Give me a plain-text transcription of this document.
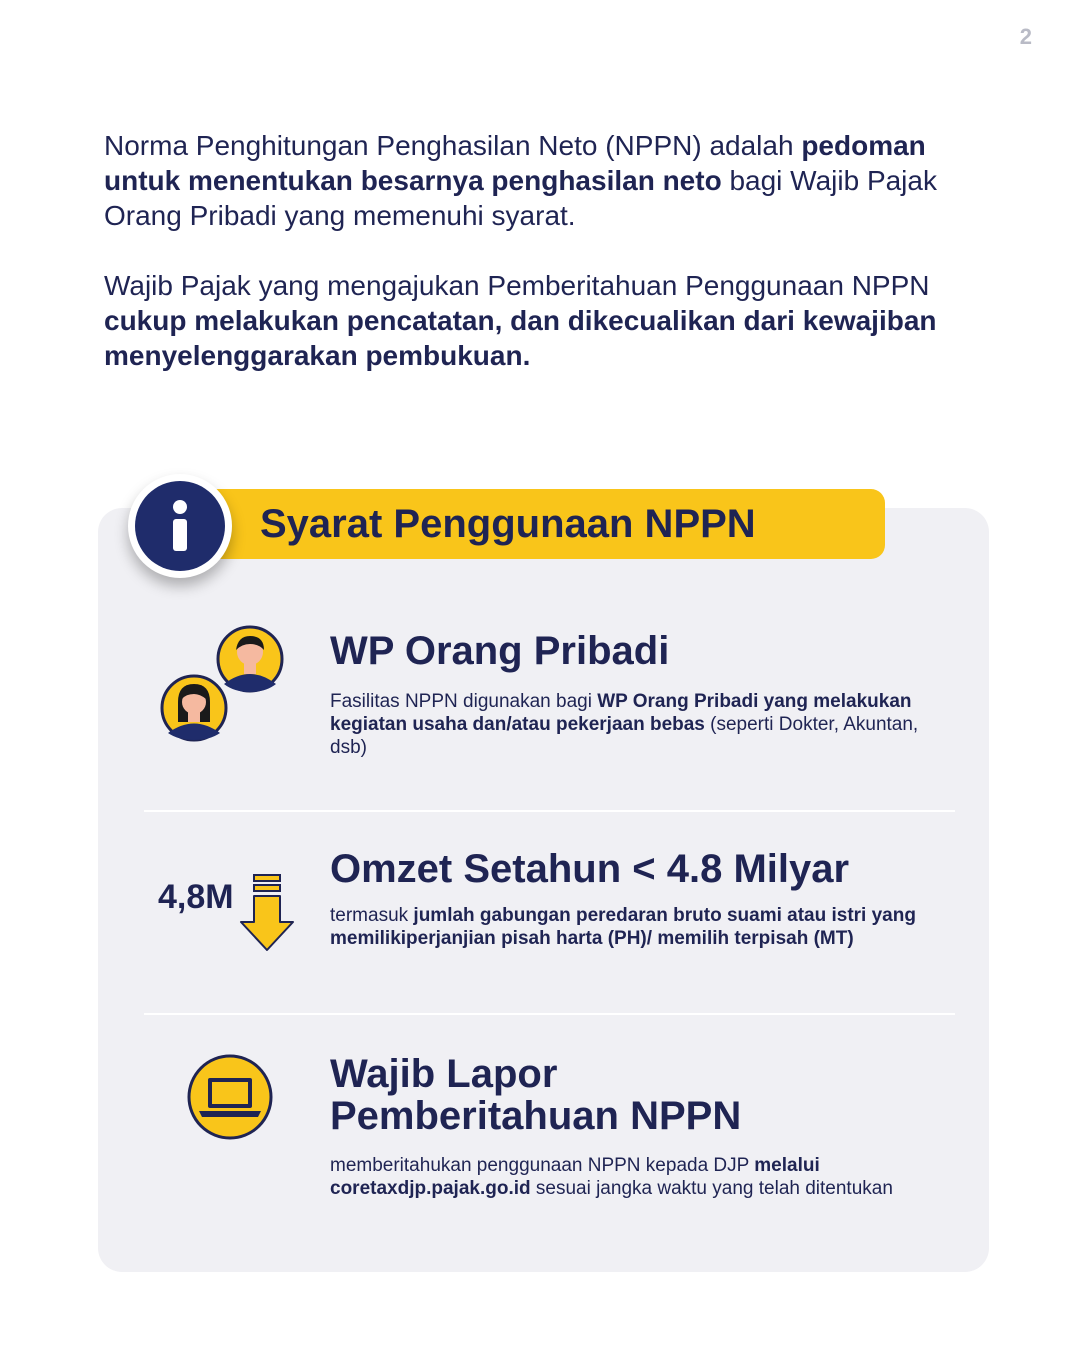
2

Norma Penghitungan Penghasilan Neto (NPPN) adalah pedoman untuk menentukan besarnya penghasilan neto bagi Wajib Pajak Orang Pribadi yang memenuhi syarat.

Wajib Pajak yang mengajukan Pemberitahuan Penggunaan NPPN cukup melakukan pencatatan, dan dikecualikan dari kewajiban menyelenggarakan pembukuan.

Syarat Penggunaan NPPN
WP Orang Pribadi
Fasilitas NPPN digunakan bagi WP Orang Pribadi yang melakukan kegiatan usaha dan/atau pekerjaan bebas (seperti Dokter, Akuntan, dsb)
4,8M
Omzet Setahun < 4.8 Milyar
termasuk jumlah gabungan peredaran bruto suami atau istri yang memilikiperjanjian pisah harta (PH)/ memilih terpisah (MT)
Wajib Lapor
Pemberitahuan NPPN
memberitahukan penggunaan NPPN kepada DJP melalui coretaxdjp.pajak.go.id sesuai jangka waktu yang telah ditentukan
